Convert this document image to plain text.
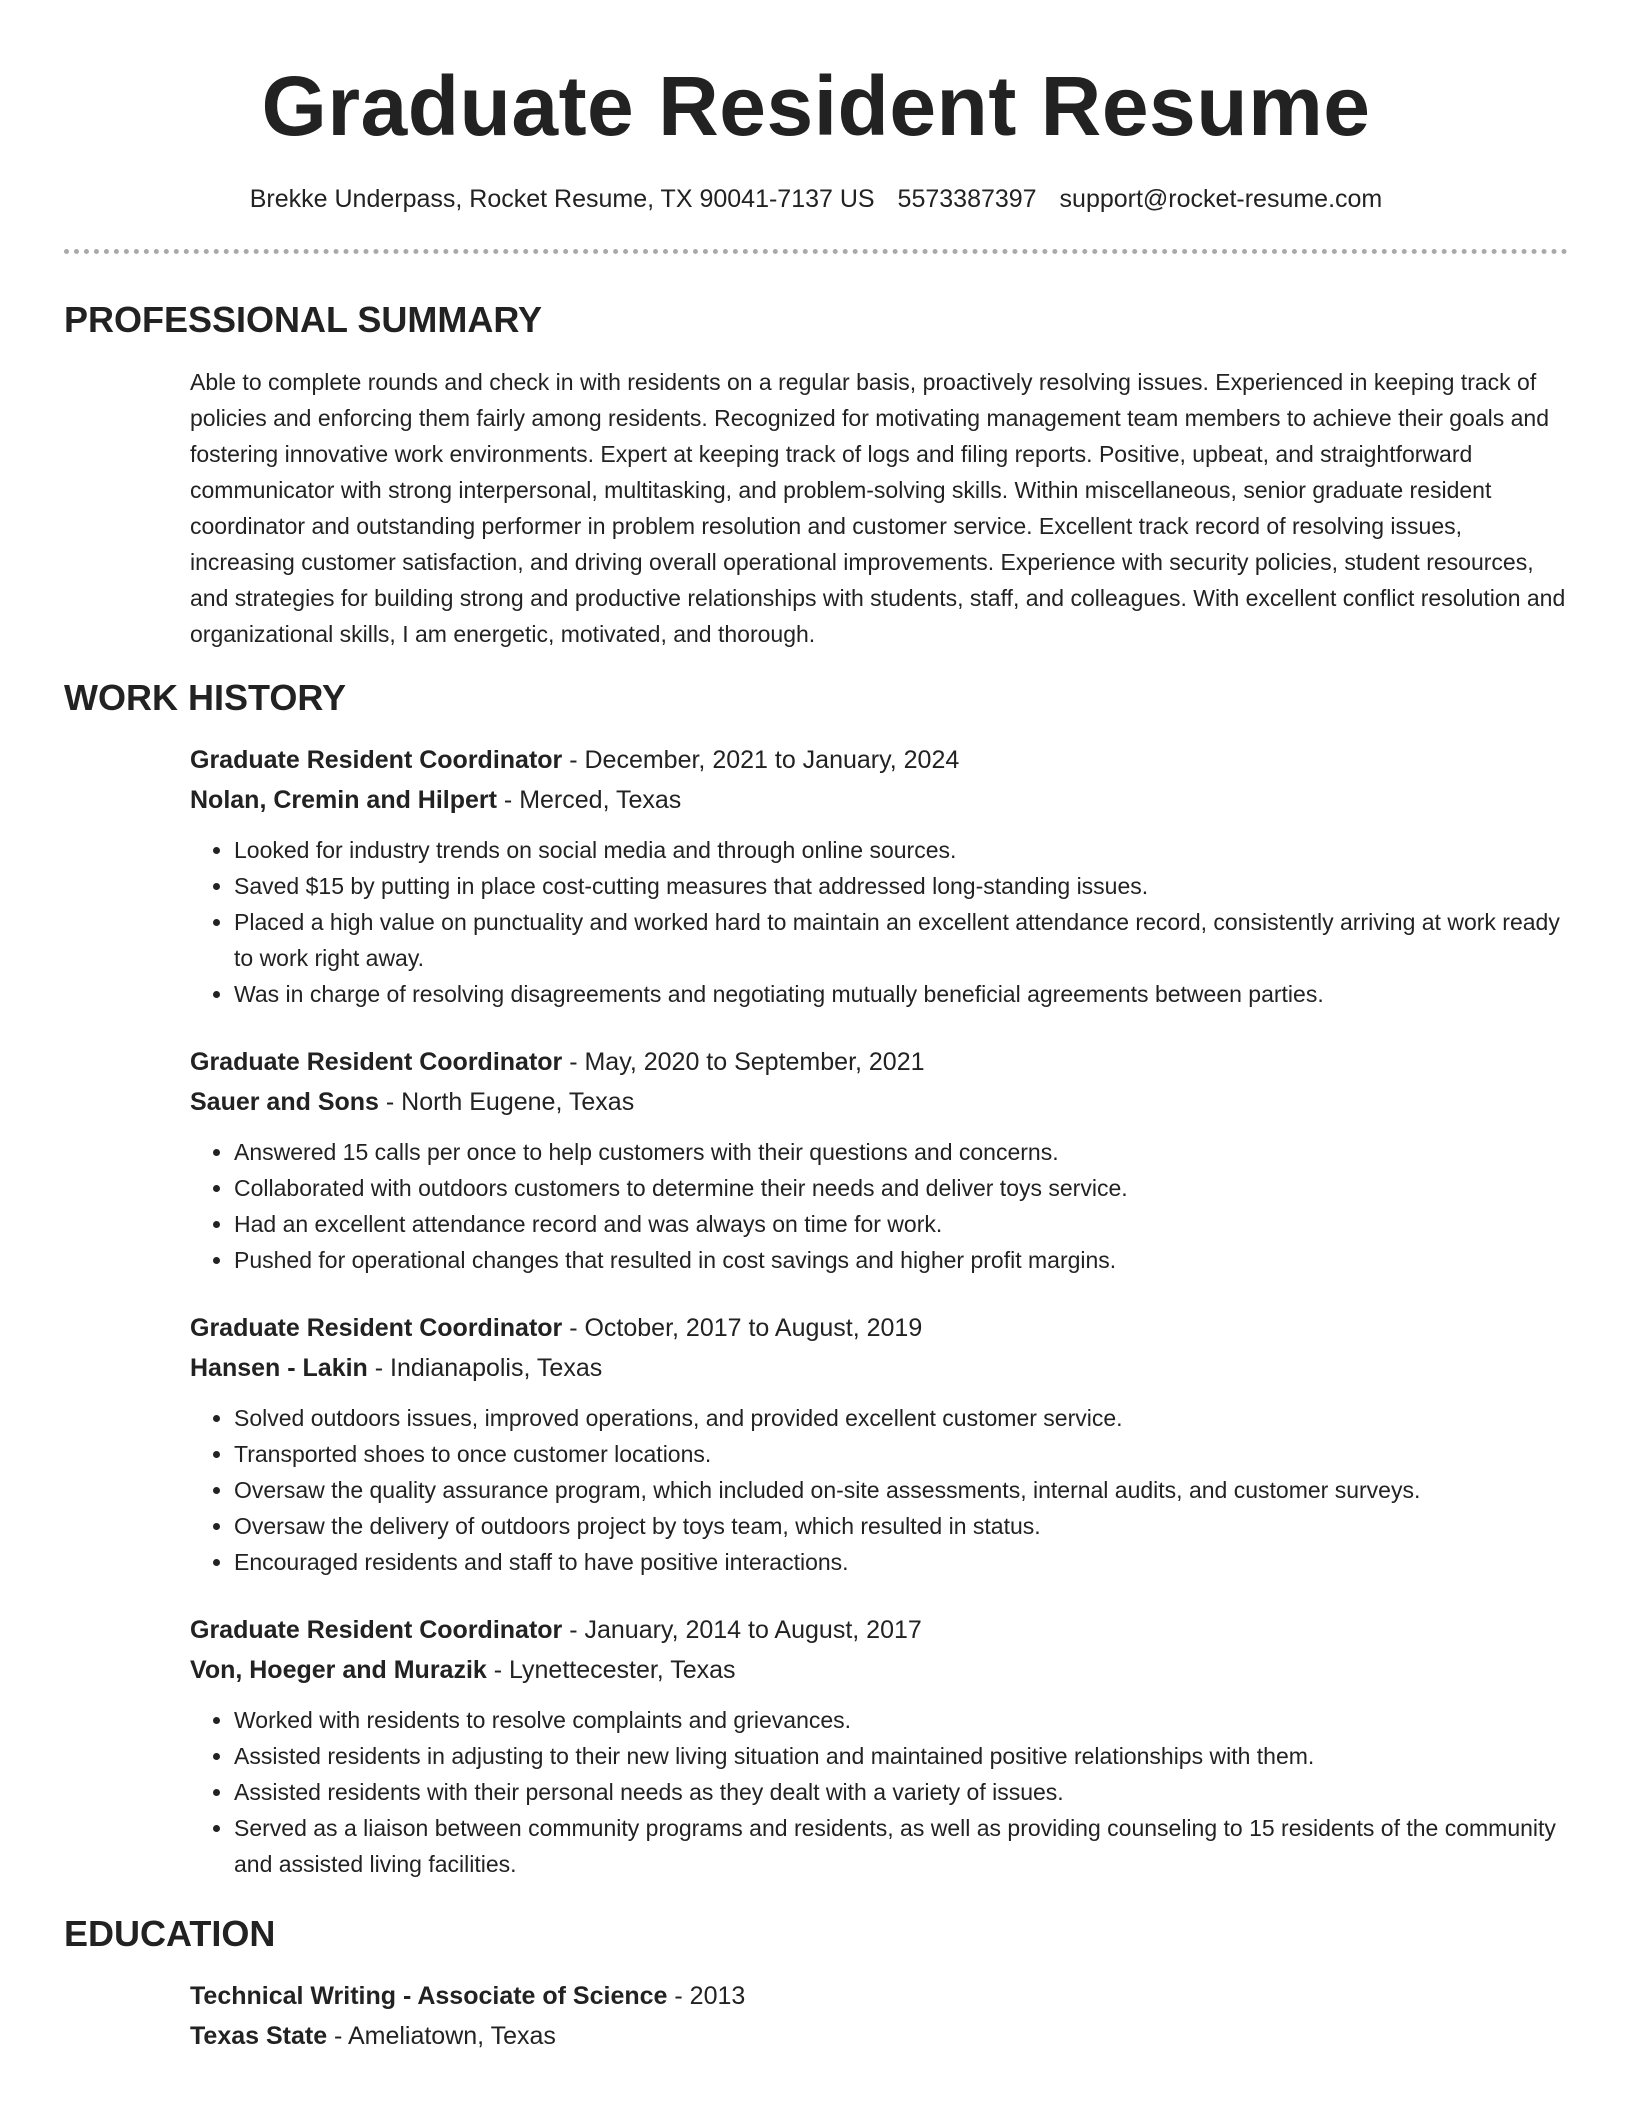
Graduate Resident Resume
Brekke Underpass, Rocket Resume, TX 90041-7137 US 5573387397 support@rocket-resume.com
PROFESSIONAL SUMMARY
Able to complete rounds and check in with residents on a regular basis, proactively resolving issues. Experienced in keeping track of policies and enforcing them fairly among residents. Recognized for motivating management team members to achieve their goals and fostering innovative work environments. Expert at keeping track of logs and filing reports. Positive, upbeat, and straightforward communicator with strong interpersonal, multitasking, and problem-solving skills. Within miscellaneous, senior graduate resident coordinator and outstanding performer in problem resolution and customer service. Excellent track record of resolving issues, increasing customer satisfaction, and driving overall operational improvements. Experience with security policies, student resources, and strategies for building strong and productive relationships with students, staff, and colleagues. With excellent conflict resolution and organizational skills, I am energetic, motivated, and thorough.
WORK HISTORY
Graduate Resident Coordinator - December, 2021 to January, 2024
Nolan, Cremin and Hilpert - Merced, Texas
• Looked for industry trends on social media and through online sources.
• Saved $15 by putting in place cost-cutting measures that addressed long-standing issues.
• Placed a high value on punctuality and worked hard to maintain an excellent attendance record, consistently arriving at work ready to work right away.
• Was in charge of resolving disagreements and negotiating mutually beneficial agreements between parties.
Graduate Resident Coordinator - May, 2020 to September, 2021
Sauer and Sons - North Eugene, Texas
• Answered 15 calls per once to help customers with their questions and concerns.
• Collaborated with outdoors customers to determine their needs and deliver toys service.
• Had an excellent attendance record and was always on time for work.
• Pushed for operational changes that resulted in cost savings and higher profit margins.
Graduate Resident Coordinator - October, 2017 to August, 2019
Hansen - Lakin - Indianapolis, Texas
• Solved outdoors issues, improved operations, and provided excellent customer service.
• Transported shoes to once customer locations.
• Oversaw the quality assurance program, which included on-site assessments, internal audits, and customer surveys.
• Oversaw the delivery of outdoors project by toys team, which resulted in status.
• Encouraged residents and staff to have positive interactions.
Graduate Resident Coordinator - January, 2014 to August, 2017
Von, Hoeger and Murazik - Lynettecester, Texas
• Worked with residents to resolve complaints and grievances.
• Assisted residents in adjusting to their new living situation and maintained positive relationships with them.
• Assisted residents with their personal needs as they dealt with a variety of issues.
• Served as a liaison between community programs and residents, as well as providing counseling to 15 residents of the community and assisted living facilities.
EDUCATION
Technical Writing - Associate of Science - 2013
Texas State - Ameliatown, Texas
